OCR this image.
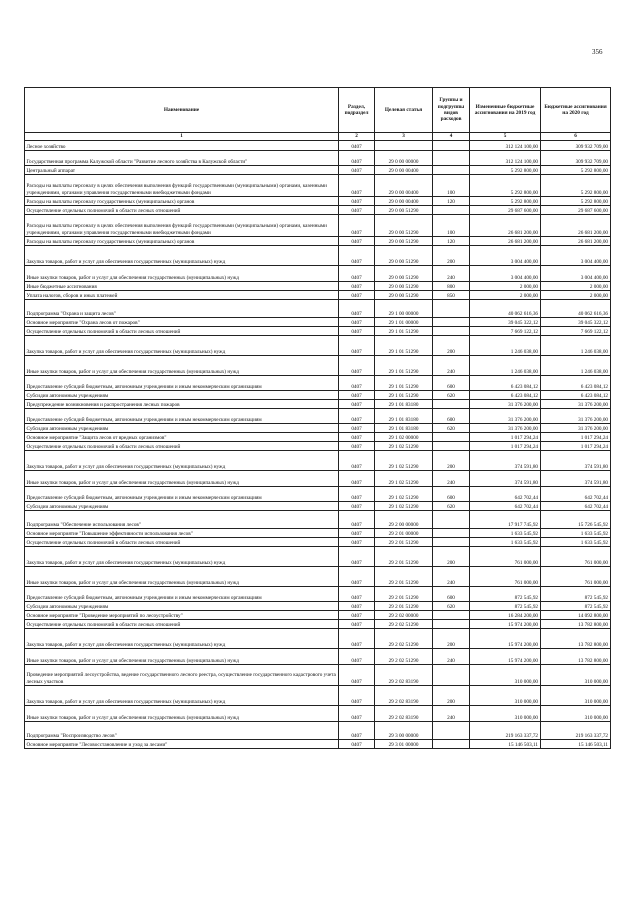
356
Наименование	Раздел, подраздел	Целевая статья	Группы и подгруппы видов расходов	Измененные бюджетные ассигнования на 2019 год	Бюджетные ассигнования на 2020 год
1	2	3	4	5	6
Лесное хозяйство	0407			312 124 100,00	309 932 709,00
Государственная программа Калужской области "Развитие лесного хозяйства в Калужской области"	0407	29 0 00 00000		312 124 100,00	309 932 709,00
Центральный аппарат	0407	29 0 00 00400		5 292 800,00	5 292 800,00
Расходы на выплаты персоналу в целях обеспечения выполнения функций государственными (муниципальными) органами, казенными учреждениями, органами управления государственными внебюджетными фондами	0407	29 0 00 00400	100	5 292 800,00	5 292 800,00
Расходы на выплаты персоналу государственных (муниципальных) органов	0407	29 0 00 00400	120	5 292 800,00	5 292 800,00
Осуществление отдельных полномочий в области лесных отношений	0407	29 0 00 51290		29 687 600,00	29 687 600,00
Расходы на выплаты персоналу в целях обеспечения выполнения функций государственными (муниципальными) органами, казенными учреждениями, органами управления государственными внебюджетными фондами	0407	29 0 00 51290	100	26 681 200,00	26 681 200,00
Расходы на выплаты персоналу государственных (муниципальных) органов	0407	29 0 00 51290	120	26 681 200,00	26 681 200,00
Закупка товаров, работ и услуг для обеспечения государственных (муниципальных) нужд	0407	29 0 00 51290	200	3 004 400,00	3 004 400,00
Иные закупки товаров, работ и услуг для обеспечения государственных (муниципальных) нужд	0407	29 0 00 51290	240	3 004 400,00	3 004 400,00
Иные бюджетные ассигнования	0407	29 0 00 51290	800	2 000,00	2 000,00
Уплата налогов, сборов и иных платежей	0407	29 0 00 51290	850	2 000,00	2 000,00
Подпрограмма "Охрана и защита лесов"	0407	29 1 00 00000		40 062 616,36	40 062 616,36
Основное мероприятие "Охрана лесов от пожаров"	0407	29 1 01 00000		39 045 322,12	39 045 322,12
Осуществление отдельных полномочий в области лесных отношений	0407	29 1 01 51290		7 669 122,12	7 669 122,12
Закупка товаров, работ и услуг для обеспечения государственных (муниципальных) нужд	0407	29 1 01 51290	200	1 246 038,00	1 246 038,00
Иные закупки товаров, работ и услуг для обеспечения государственных (муниципальных) нужд	0407	29 1 01 51290	240	1 246 038,00	1 246 038,00
Предоставление субсидий бюджетным, автономным учреждениям и иным некоммерческим организациям	0407	29 1 01 51290	600	6 423 084,12	6 423 084,12
Субсидии автономным учреждениям	0407	29 1 01 51290	620	6 423 084,12	6 423 084,12
Предупреждение возникновения и распространения лесных пожаров	0407	29 1 01 83180		31 376 200,00	31 376 200,00
Предоставление субсидий бюджетным, автономным учреждениям и иным некоммерческим организациям	0407	29 1 01 83180	600	31 376 200,00	31 376 200,00
Субсидии автономным учреждениям	0407	29 1 01 83180	620	31 376 200,00	31 376 200,00
Основное мероприятие "Защита лесов от вредных организмов"	0407	29 1 02 00000		1 017 294,24	1 017 294,24
Осуществление отдельных полномочий в области лесных отношений	0407	29 1 02 51290		1 017 294,24	1 017 294,24
Закупка товаров, работ и услуг для обеспечения государственных (муниципальных) нужд	0407	29 1 02 51290	200	374 591,80	374 591,80
Иные закупки товаров, работ и услуг для обеспечения государственных (муниципальных) нужд	0407	29 1 02 51290	240	374 591,80	374 591,80
Предоставление субсидий бюджетным, автономным учреждениям и иным некоммерческим организациям	0407	29 1 02 51290	600	642 702,44	642 702,44
Субсидии автономным учреждениям	0407	29 1 02 51290	620	642 702,44	642 702,44
Подпрограмма "Обеспечение использования лесов"	0407	29 2 00 00000		17 917 745,92	15 726 545,92
Основное мероприятие "Повышение эффективности использования лесов"	0407	29 2 01 00000		1 633 545,92	1 633 545,92
Осуществление отдельных полномочий в области лесных отношений	0407	29 2 01 51290		1 633 545,92	1 633 545,92
Закупка товаров, работ и услуг для обеспечения государственных (муниципальных) нужд	0407	29 2 01 51290	200	761 000,00	761 000,00
Иные закупки товаров, работ и услуг для обеспечения государственных (муниципальных) нужд	0407	29 2 01 51290	240	761 000,00	761 000,00
Предоставление субсидий бюджетным, автономным учреждениям и иным некоммерческим организациям	0407	29 2 01 51290	600	872 545,92	872 545,92
Субсидии автономным учреждениям	0407	29 2 01 51290	620	872 545,92	872 545,92
Основное мероприятие "Проведение мероприятий по лесоустройству"	0407	29 2 02 00000		16 284 200,00	14 092 800,00
Осуществление отдельных полномочий в области лесных отношений	0407	29 2 02 51290		15 974 200,00	13 782 800,00
Закупка товаров, работ и услуг для обеспечения государственных (муниципальных) нужд	0407	29 2 02 51290	200	15 974 200,00	13 782 800,00
Иные закупки товаров, работ и услуг для обеспечения государственных (муниципальных) нужд	0407	29 2 02 51290	240	15 974 200,00	13 782 800,00
Проведение мероприятий лесоустройства, ведение государственного лесного реестра, осуществление государственного кадастрового учета лесных участков	0407	29 2 02 83190		310 000,00	310 000,00
Закупка товаров, работ и услуг для обеспечения государственных (муниципальных) нужд	0407	29 2 02 83190	200	310 000,00	310 000,00
Иные закупки товаров, работ и услуг для обеспечения государственных (муниципальных) нужд	0407	29 2 02 83190	240	310 000,00	310 000,00
Подпрограмма "Воспроизводство лесов"	0407	29 3 00 00000		219 163 337,72	219 163 337,72
Основное мероприятие "Лесовосстановление и уход за лесами"	0407	29 3 01 00000		15 146 503,11	15 146 503,11
